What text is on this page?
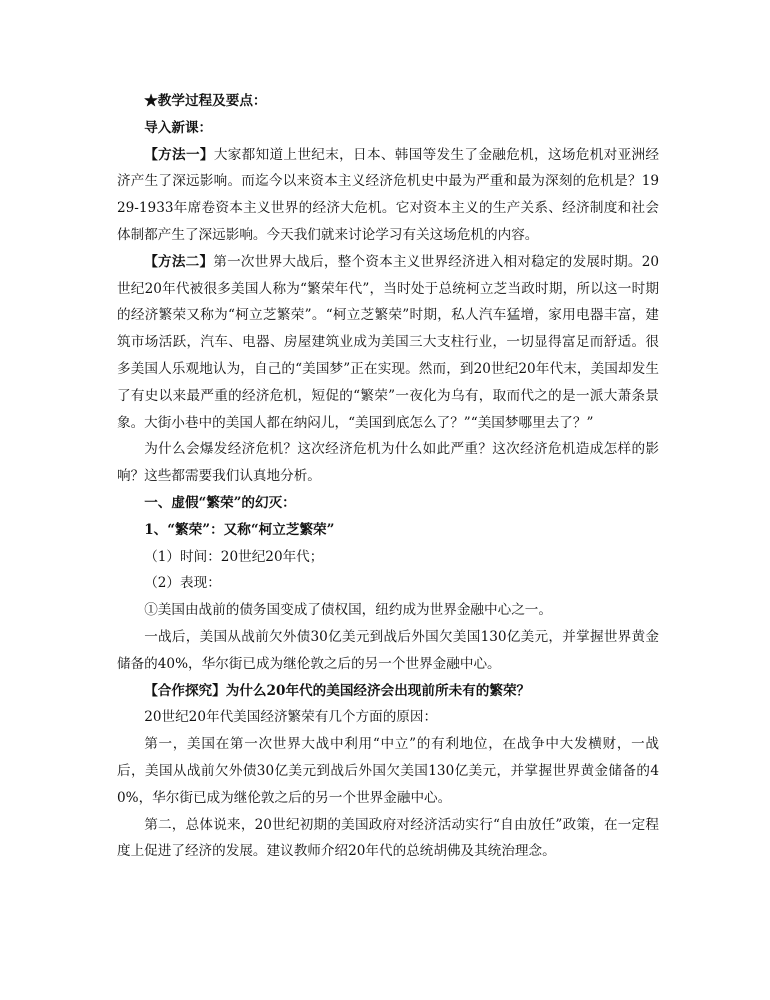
★教学过程及要点：

导入新课：

【方法一】大家都知道上世纪末，日本、韩国等发生了金融危机，这场危机对亚洲经济产生了深远影响。而迄今以来资本主义经济危机史中最为严重和最为深刻的危机是？1929-1933年席卷资本主义世界的经济大危机。它对资本主义的生产关系、经济制度和社会体制都产生了深远影响。今天我们就来讨论学习有关这场危机的内容。

【方法二】第一次世界大战后，整个资本主义世界经济进入相对稳定的发展时期。20世纪20年代被很多美国人称为“繁荣年代”，当时处于总统柯立芝当政时期，所以这一时期的经济繁荣又称为“柯立芝繁荣”。“柯立芝繁荣”时期，私人汽车猛增，家用电器丰富，建筑市场活跃，汽车、电器、房屋建筑业成为美国三大支柱行业，一切显得富足而舒适。很多美国人乐观地认为，自己的“美国梦”正在实现。然而，到20世纪20年代末，美国却发生了有史以来最严重的经济危机，短促的“繁荣”一夜化为乌有，取而代之的是一派大萧条景象。大街小巷中的美国人都在纳闷儿，“美国到底怎么了？”“美国梦哪里去了？”

为什么会爆发经济危机？这次经济危机为什么如此严重？这次经济危机造成怎样的影响？这些都需要我们认真地分析。

一、虚假“繁荣”的幻灭：

1、“繁荣”：又称“柯立芝繁荣”

（1）时间：20世纪20年代；

（2）表现：

①美国由战前的债务国变成了债权国，纽约成为世界金融中心之一。

一战后，美国从战前欠外债30亿美元到战后外国欠美国130亿美元，并掌握世界黄金储备的40%，华尔街已成为继伦敦之后的另一个世界金融中心。

【合作探究】为什么20年代的美国经济会出现前所未有的繁荣？

20世纪20年代美国经济繁荣有几个方面的原因：

第一，美国在第一次世界大战中利用“中立”的有利地位，在战争中大发横财，一战后，美国从战前欠外债30亿美元到战后外国欠美国130亿美元，并掌握世界黄金储备的40%，华尔街已成为继伦敦之后的另一个世界金融中心。

第二，总体说来，20世纪初期的美国政府对经济活动实行“自由放任”政策，在一定程度上促进了经济的发展。建议教师介绍20年代的总统胡佛及其统治理念。
